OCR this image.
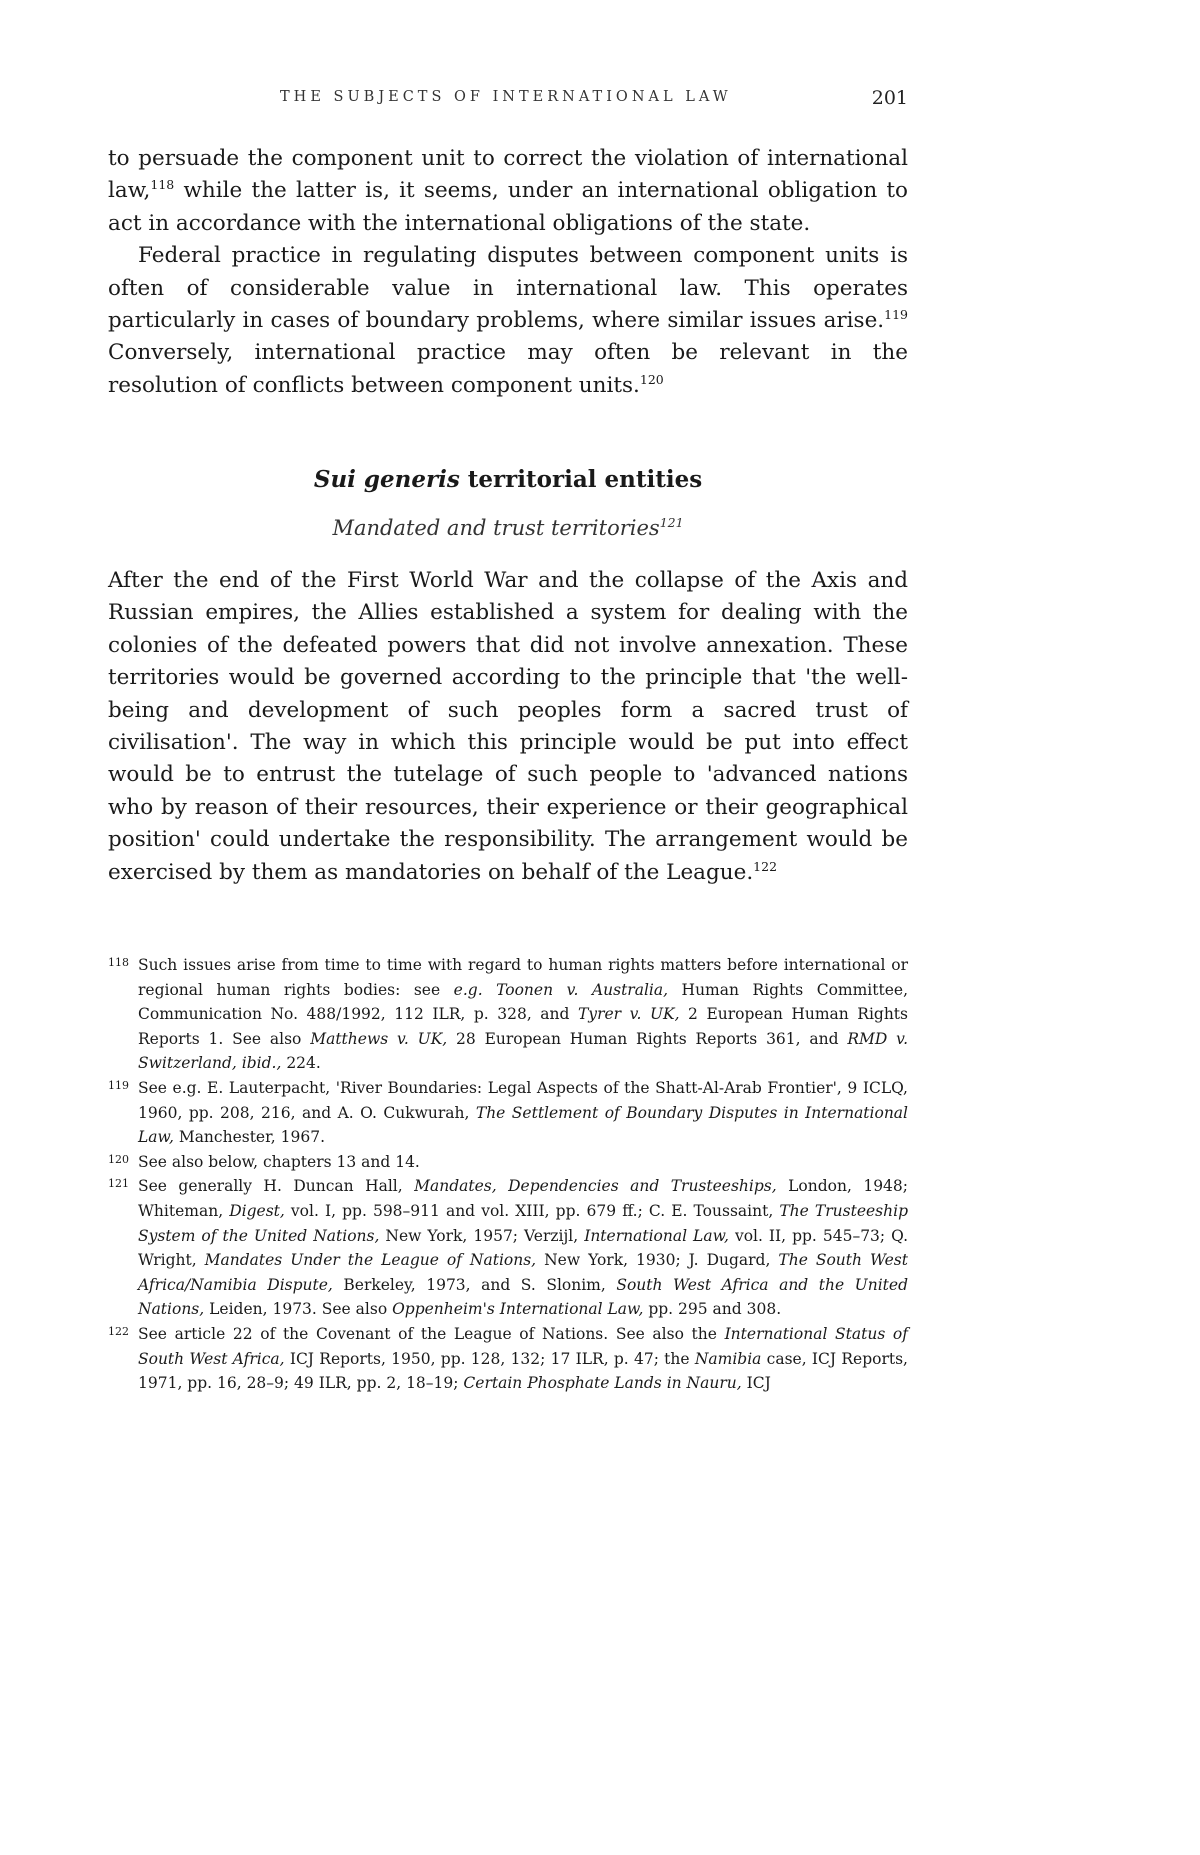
THE SUBJECTS OF INTERNATIONAL LAW	201

to persuade the component unit to correct the violation of international law,$^{118}$ while the latter is, it seems, under an international obligation to act in accordance with the international obligations of the state.

Federal practice in regulating disputes between component units is often of considerable value in international law. This operates particularly in cases of boundary problems, where similar issues arise.$^{119}$ Conversely, international practice may often be relevant in the resolution of conflicts between component units.$^{120}$

Sui generis territorial entities
Mandated and trust territories$^{121}$

After the end of the First World War and the collapse of the Axis and Russian empires, the Allies established a system for dealing with the colonies of the defeated powers that did not involve annexation. These territories would be governed according to the principle that 'the well-being and development of such peoples form a sacred trust of civilisation'. The way in which this principle would be put into effect would be to entrust the tutelage of such people to 'advanced nations who by reason of their resources, their experience or their geographical position' could undertake the responsibility. The arrangement would be exercised by them as mandatories on behalf of the League.$^{122}$

118 Such issues arise from time to time with regard to human rights matters before international or regional human rights bodies: see e.g. Toonen v. Australia, Human Rights Committee, Communication No. 488/1992, 112 ILR, p. 328, and Tyrer v. UK, 2 European Human Rights Reports 1. See also Matthews v. UK, 28 European Human Rights Reports 361, and RMD v. Switzerland, ibid., 224.

119 See e.g. E. Lauterpacht, 'River Boundaries: Legal Aspects of the Shatt-Al-Arab Frontier', 9 ICLQ, 1960, pp. 208, 216, and A. O. Cukwurah, The Settlement of Boundary Disputes in International Law, Manchester, 1967.

120 See also below, chapters 13 and 14.

121 See generally H. Duncan Hall, Mandates, Dependencies and Trusteeships, London, 1948; Whiteman, Digest, vol. I, pp. 598–911 and vol. XIII, pp. 679 ff.; C. E. Toussaint, The Trusteeship System of the United Nations, New York, 1957; Verzijl, International Law, vol. II, pp. 545–73; Q. Wright, Mandates Under the League of Nations, New York, 1930; J. Dugard, The South West Africa/Namibia Dispute, Berkeley, 1973, and S. Slonim, South West Africa and the United Nations, Leiden, 1973. See also Oppenheim's International Law, pp. 295 and 308.

122 See article 22 of the Covenant of the League of Nations. See also the International Status of South West Africa, ICJ Reports, 1950, pp. 128, 132; 17 ILR, p. 47; the Namibia case, ICJ Reports, 1971, pp. 16, 28–9; 49 ILR, pp. 2, 18–19; Certain Phosphate Lands in Nauru, ICJ
